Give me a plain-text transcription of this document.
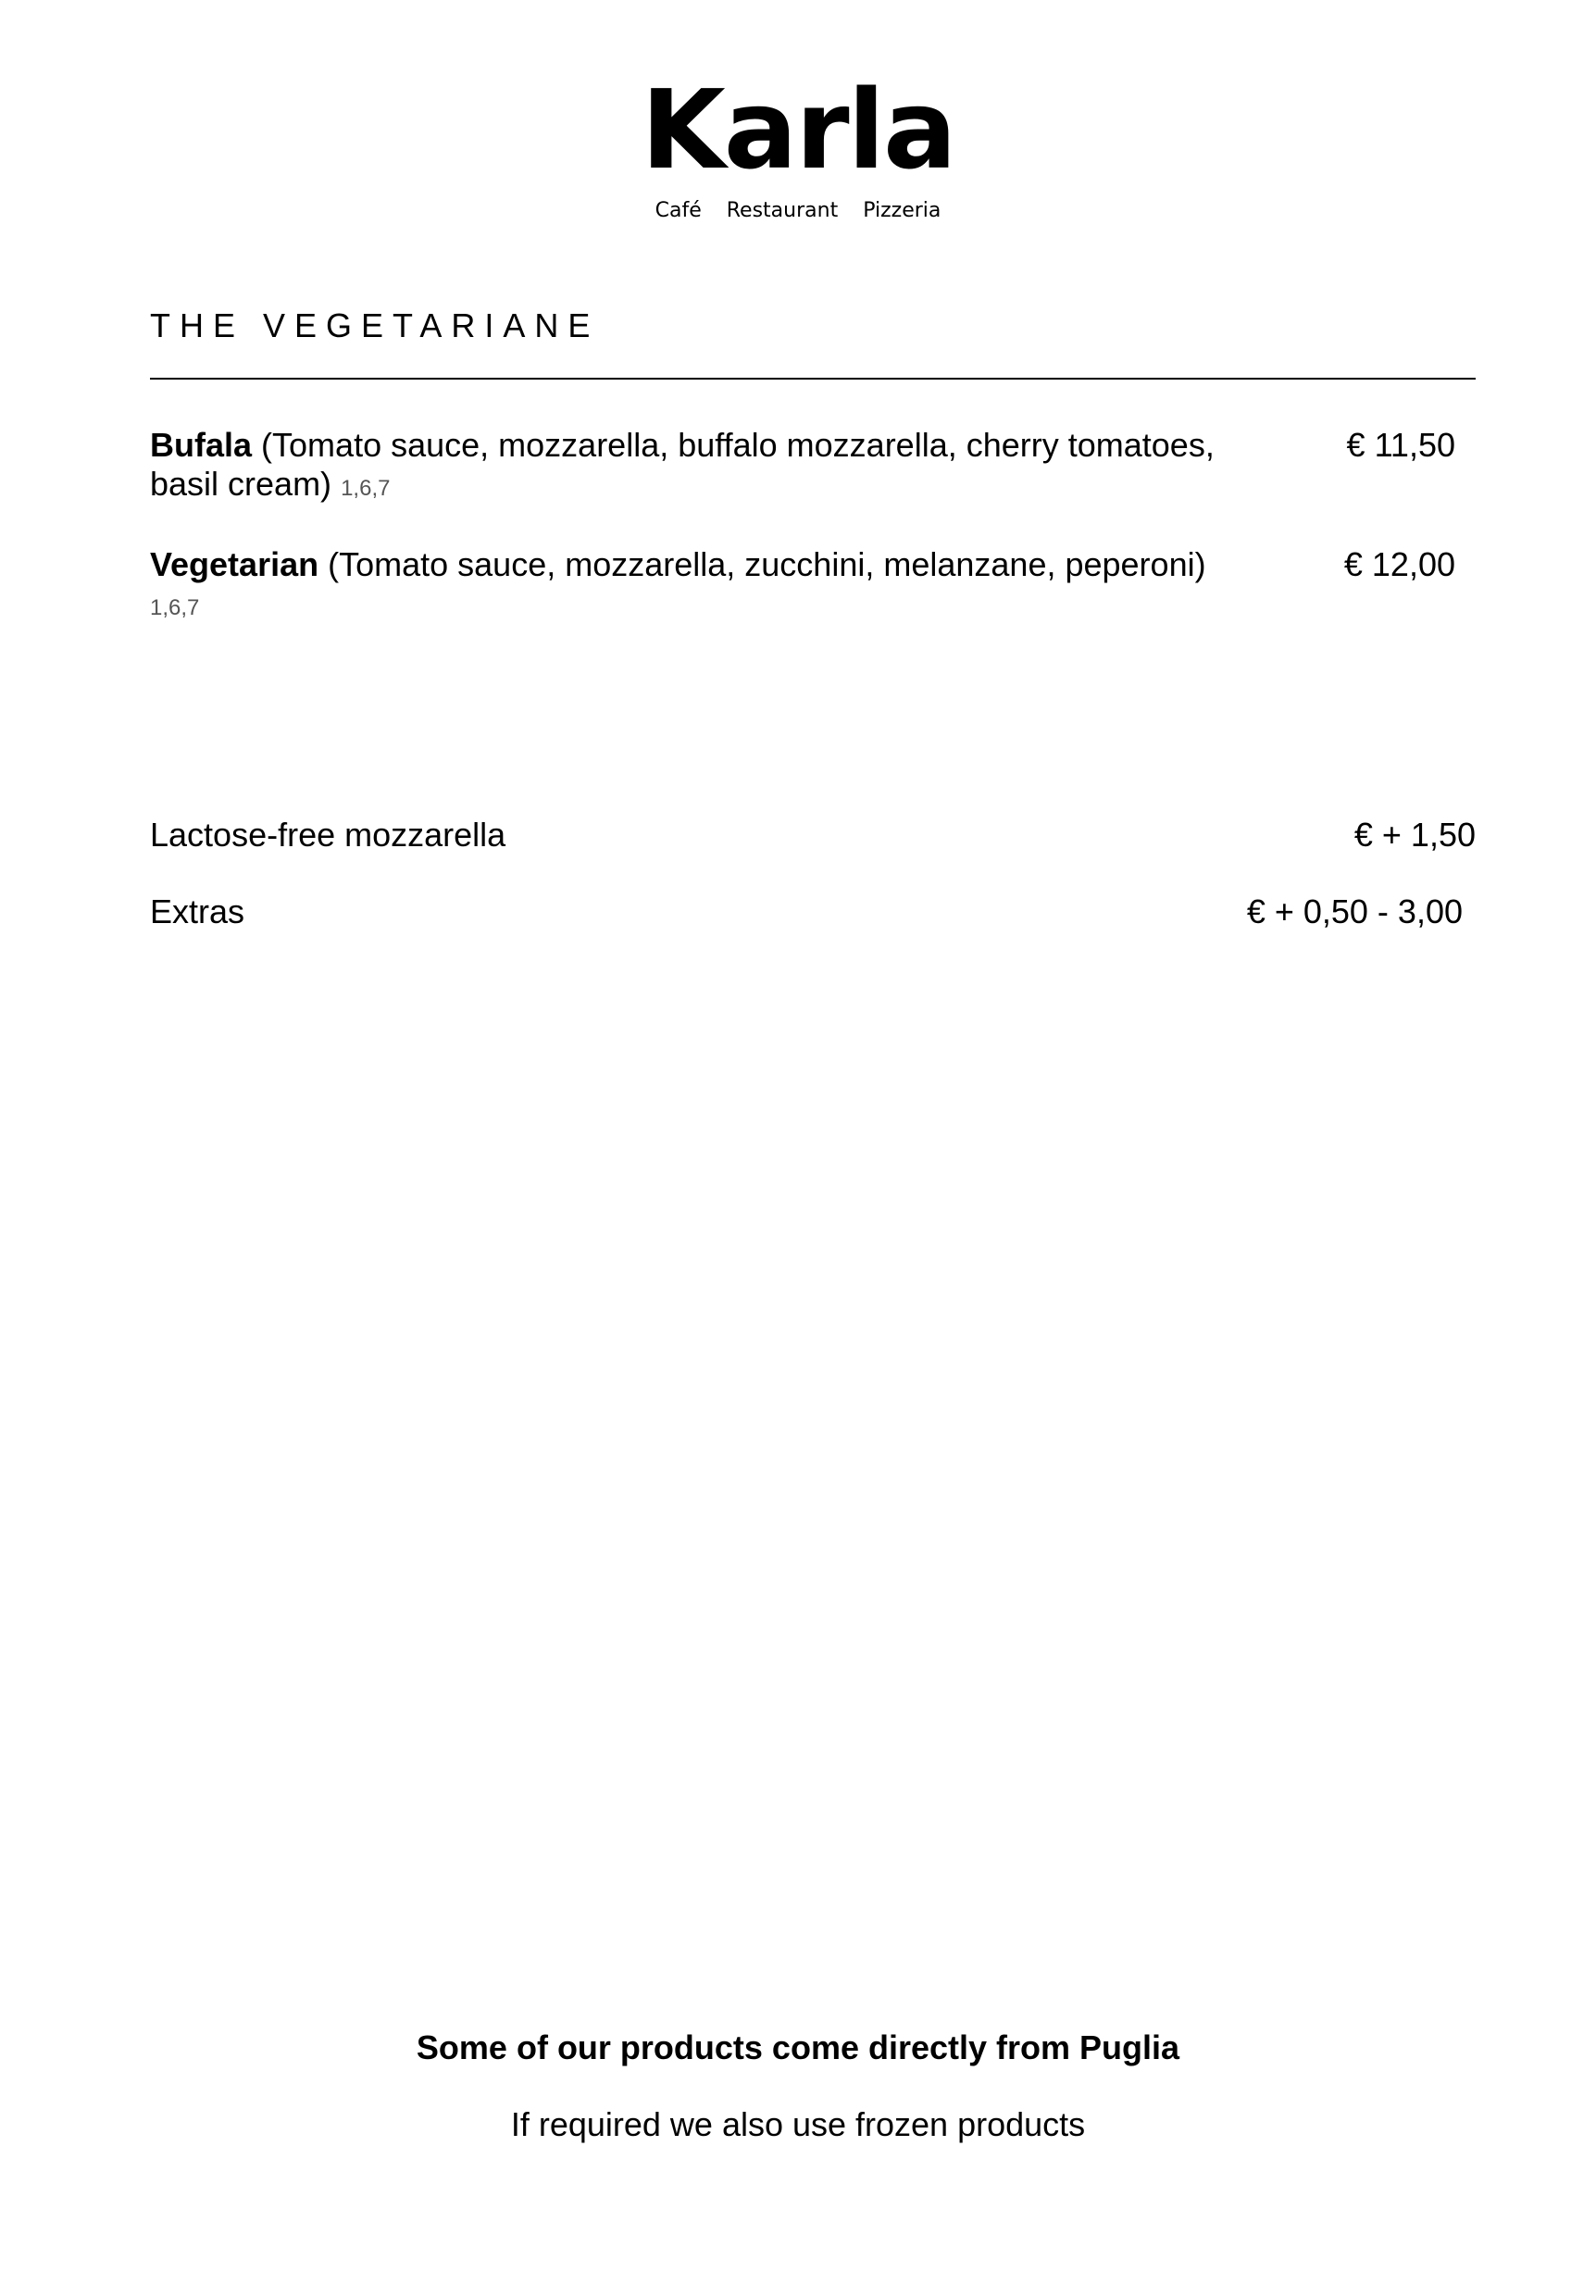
Karla
Café Restaurant Pizzeria
THE VEGETARIANE
Bufala (Tomato sauce, mozzarella, buffalo mozzarella, cherry tomatoes, basil cream) 1,6,7
€ 11,50
Vegetarian (Tomato sauce, mozzarella, zucchini, melanzane, peperoni) 1,6,7
€ 12,00
Lactose-free mozzarella	€ + 1,50
Extras	€ + 0,50 - 3,00

Some of our products come directly from Puglia

If required we also use frozen products
